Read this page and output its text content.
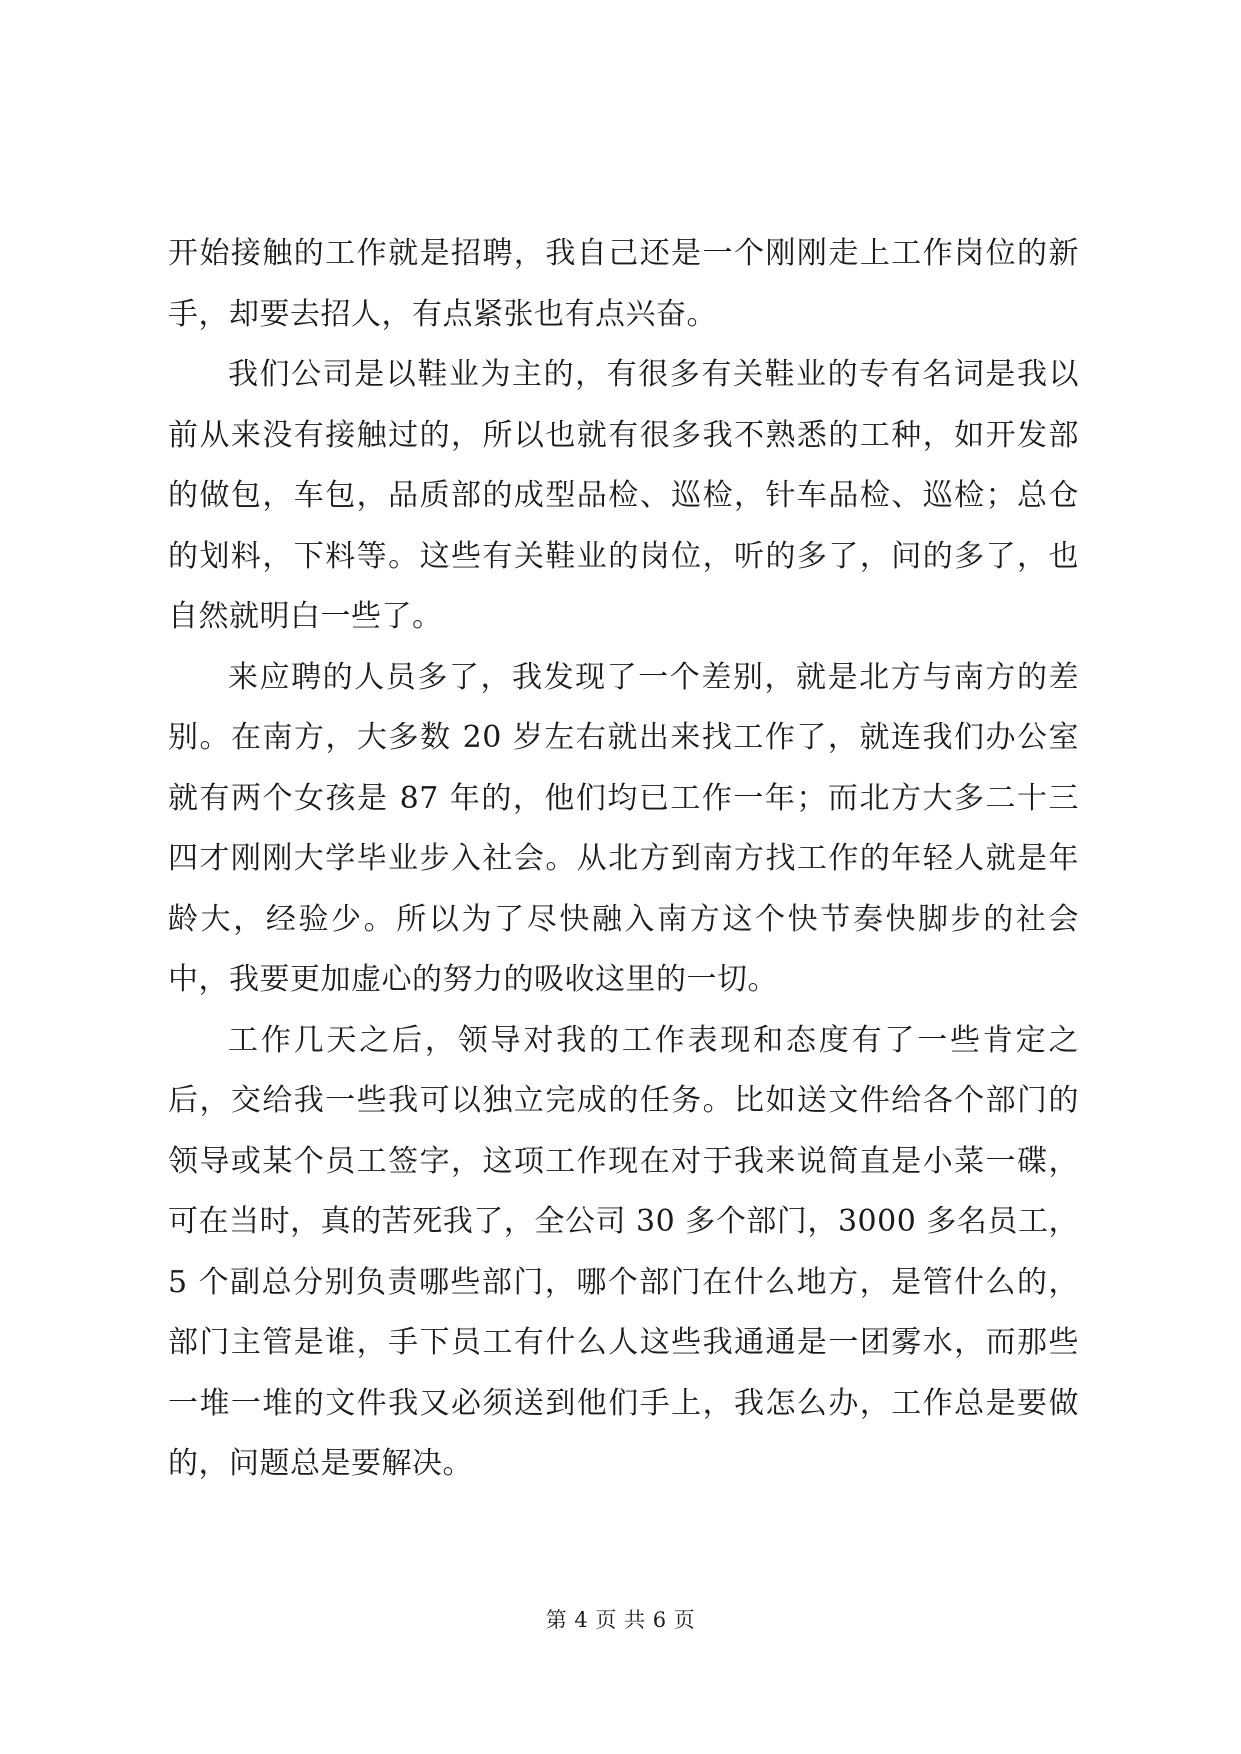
开始接触的工作就是招聘，我自己还是一个刚刚走上工作岗位的新手，却要去招人，有点紧张也有点兴奋。

我们公司是以鞋业为主的，有很多有关鞋业的专有名词是我以前从来没有接触过的，所以也就有很多我不熟悉的工种，如开发部的做包，车包，品质部的成型品检、巡检，针车品检、巡检；总仓的划料，下料等。这些有关鞋业的岗位，听的多了，问的多了，也自然就明白一些了。

来应聘的人员多了，我发现了一个差别，就是北方与南方的差别。在南方，大多数 20 岁左右就出来找工作了，就连我们办公室就有两个女孩是 87 年的，他们均已工作一年；而北方大多二十三四才刚刚大学毕业步入社会。从北方到南方找工作的年轻人就是年龄大，经验少。所以为了尽快融入南方这个快节奏快脚步的社会中，我要更加虚心的努力的吸收这里的一切。

工作几天之后，领导对我的工作表现和态度有了一些肯定之后，交给我一些我可以独立完成的任务。比如送文件给各个部门的领导或某个员工签字，这项工作现在对于我来说简直是小菜一碟，可在当时，真的苦死我了，全公司 30 多个部门，3000 多名员工，5 个副总分别负责哪些部门，哪个部门在什么地方，是管什么的，部门主管是谁，手下员工有什么人这些我通通是一团雾水，而那些一堆一堆的文件我又必须送到他们手上，我怎么办，工作总是要做的，问题总是要解决。

第 4 页 共 6 页
